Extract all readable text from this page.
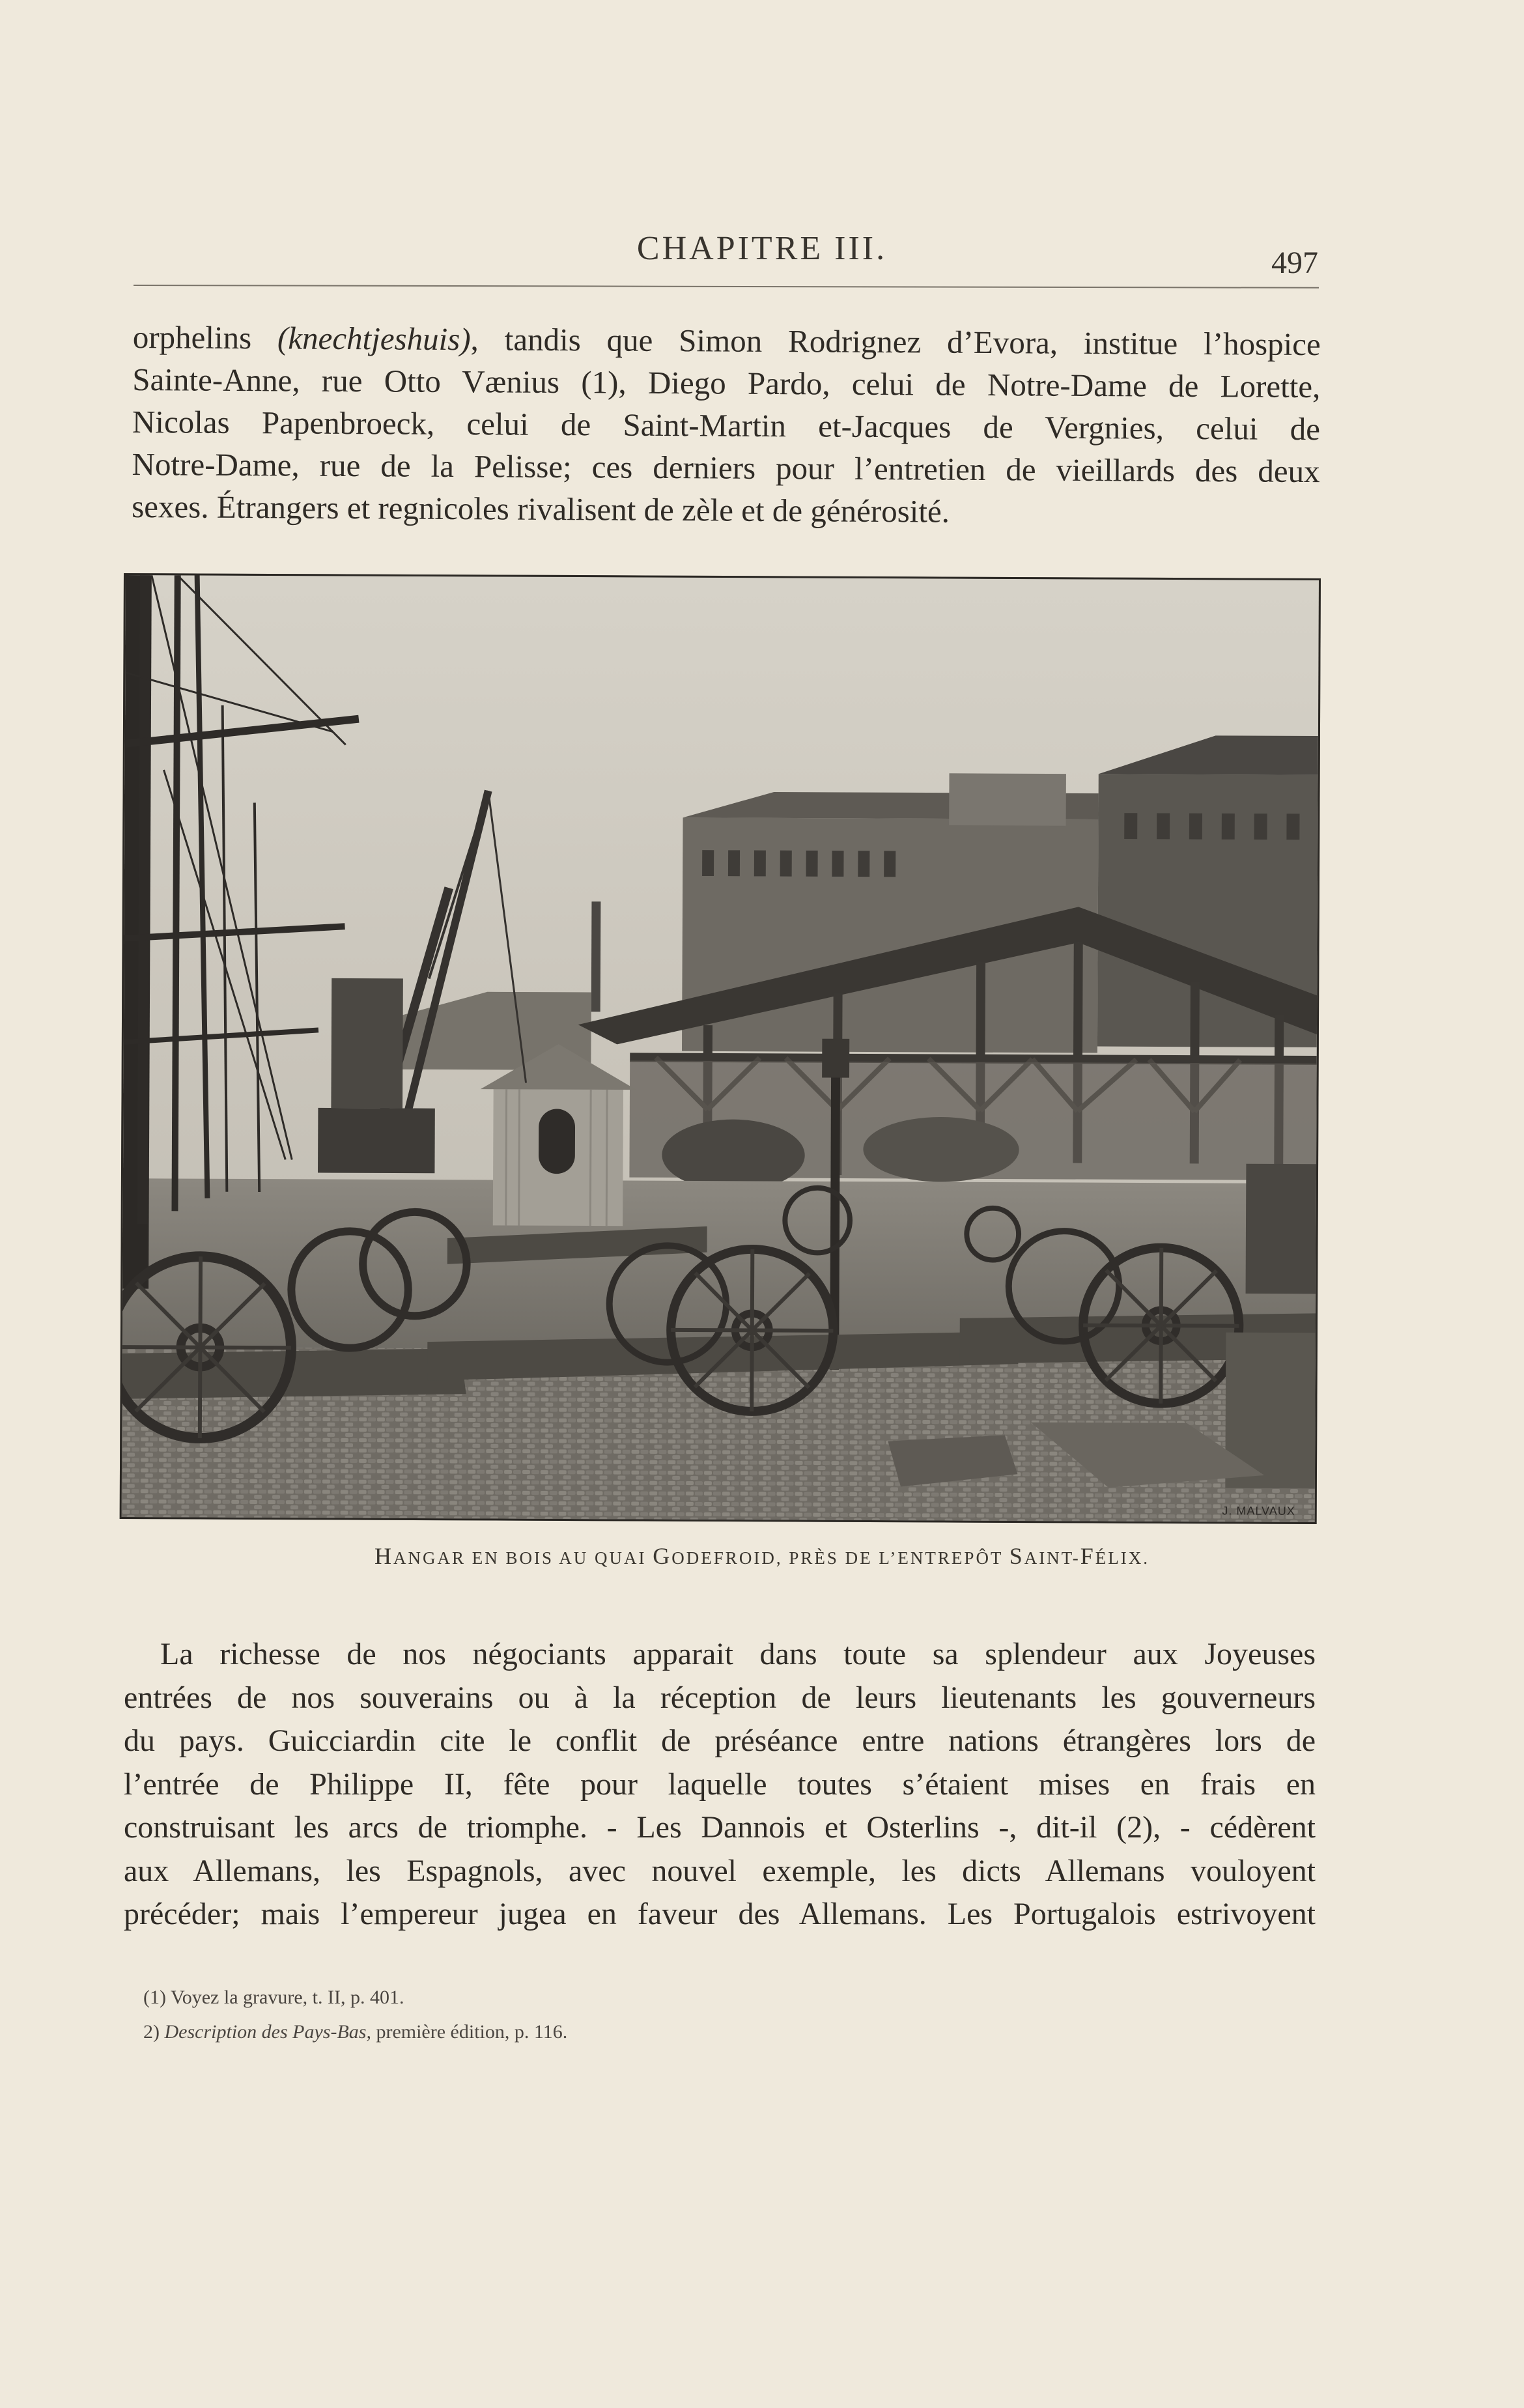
CHAPITRE III.	497
orphelins (knechtjeshuis), tandis que Simon Rodrignez d’Evora, institue l’hospice
Sainte-Anne, rue Otto Vænius (1), Diego Pardo, celui de Notre-Dame de Lorette,
Nicolas Papenbroeck, celui de Saint-Martin et-Jacques de Vergnies, celui de
Notre-Dame, rue de la Pelisse; ces derniers pour l’entretien de vieillards des deux
sexes. Étrangers et regnicoles rivalisent de zèle et de générosité.
J. MALVAUX
HANGAR EN BOIS AU QUAI GODEFROID, PRÈS DE L’ENTREPÔT SAINT-FÉLIX.
La richesse de nos négociants apparait dans toute sa splendeur aux Joyeuses
entrées de nos souverains ou à la réception de leurs lieutenants les gouverneurs
du pays. Guicciardin cite le conflit de préséance entre nations étrangères lors de
l’entrée de Philippe II, fête pour laquelle toutes s’étaient mises en frais en
construisant les arcs de triomphe. - Les Dannois et Osterlins -, dit-il (2), - cédèrent
aux Allemans, les Espagnols, avec nouvel exemple, les dicts Allemans vouloyent
précéder; mais l’empereur jugea en faveur des Allemans. Les Portugalois estrivoyent
(1) Voyez la gravure, t. II, p. 401.
2) Description des Pays-Bas, première édition, p. 116.
